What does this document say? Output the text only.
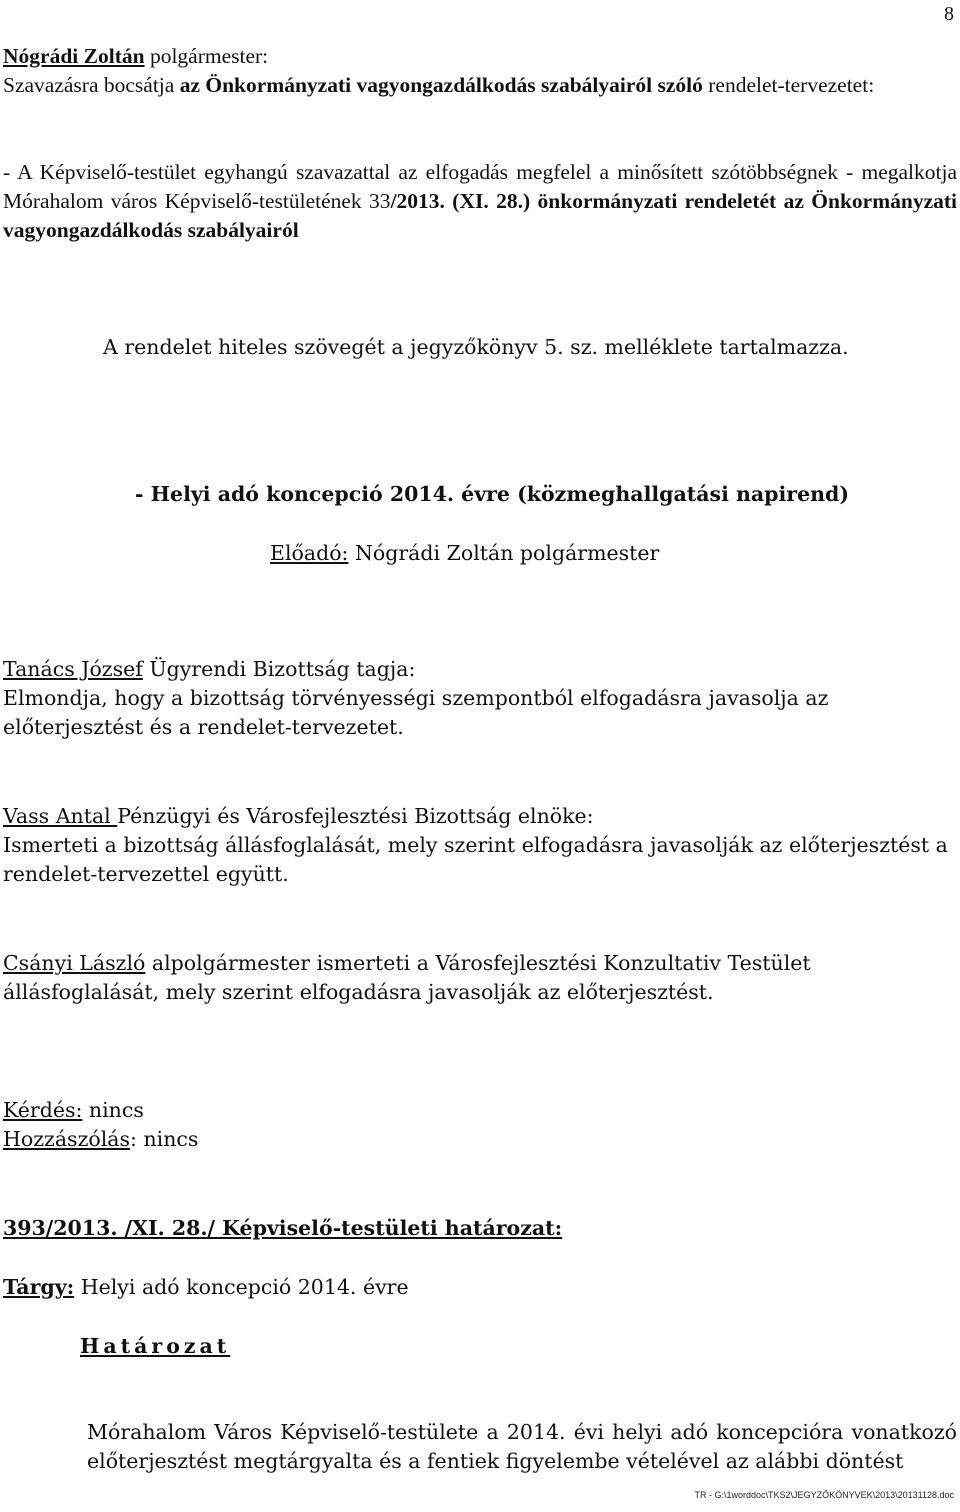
8
Nógrádi Zoltán polgármester:
Szavazásra bocsátja az Önkormányzati vagyongazdálkodás szabályairól szóló rendelet-tervezetet:
- A Képviselő-testület egyhangú szavazattal az elfogadás megfelel a minősített szótöbbségnek - megalkotja Mórahalom város Képviselő-testületének 33/2013. (XI. 28.) önkormányzati rendeletét az Önkormányzati vagyongazdálkodás szabályairól
A rendelet hiteles szövegét a jegyzőkönyv 5. sz. melléklete tartalmazza.
- Helyi adó koncepció 2014. évre (közmeghallgatási napirend)
Előadó: Nógrádi Zoltán polgármester
Tanács József Ügyrendi Bizottság tagja:
Elmondja, hogy a bizottság törvényességi szempontból elfogadásra javasolja az előterjesztést és a rendelet-tervezetet.
Vass Antal Pénzügyi és Városfejlesztési Bizottság elnöke:
Ismerteti a bizottság állásfoglalását, mely szerint elfogadásra javasolják az előterjesztést a rendelet-tervezettel együtt.
Csányi László alpolgármester ismerteti a Városfejlesztési Konzultativ Testület állásfoglalását, mely szerint elfogadásra javasolják az előterjesztést.
Kérdés: nincs
Hozzászólás: nincs
393/2013. /XI. 28./ Képviselő-testületi határozat:
Tárgy: Helyi adó koncepció 2014. évre
Határozat
Mórahalom Város Képviselő-testülete a 2014. évi helyi adó koncepcióra vonatkozó előterjesztést megtárgyalta és a fentiek figyelembe vételével az alábbi döntést
TR - G:\1worddoc\TKS2\JEGYZŐKÖNYVEK\2013\20131128.doc
